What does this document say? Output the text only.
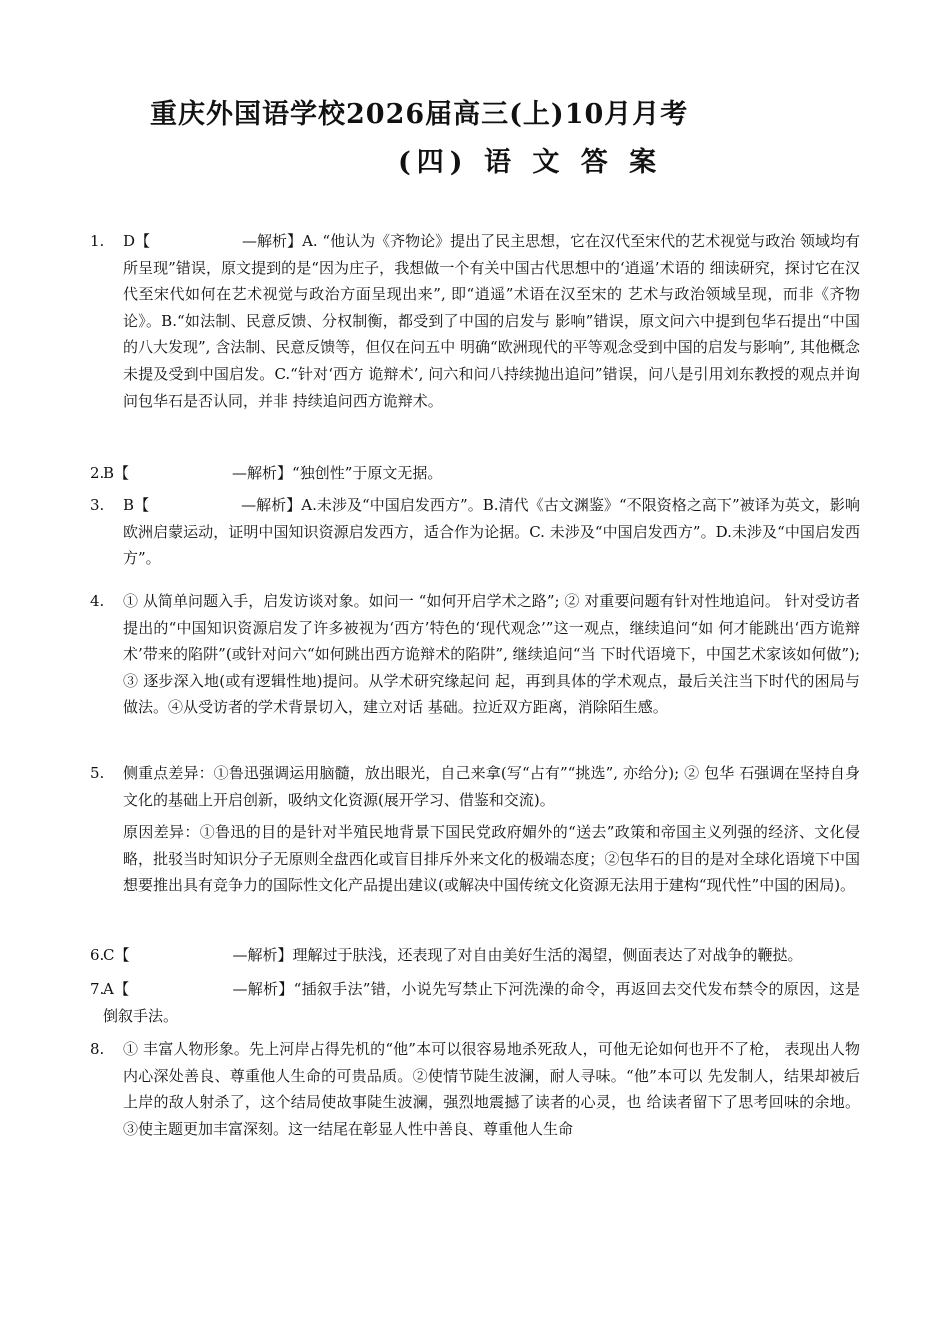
重庆外国语学校2026届高三(上)10月月考
(四) 语 文 答 案
1. D【	—解析】A. “他认为《齐物论》提出了民主思想，它在汉代至宋代的艺术视觉与政治 领域均有所呈现”错误，原文提到的是“因为庄子，我想做一个有关中国古代思想中的‘逍遥’术语的 细读研究，探讨它在汉代至宋代如何在艺术视觉与政治方面呈现出来”, 即“逍遥”术语在汉至宋的 艺术与政治领域呈现，而非《齐物论》。B.“如法制、民意反馈、分权制衡，都受到了中国的启发与 影响”错误，原文问六中提到包华石提出“中国的八大发现”, 含法制、民意反馈等，但仅在问五中 明确“欧洲现代的平等观念受到中国的启发与影响”, 其他概念未提及受到中国启发。C.“针对‘西方 诡辩术’, 问六和问八持续抛出追问”错误，问八是引用刘东教授的观点并询问包华石是否认同，并非 持续追问西方诡辩术。
2.
B【	—解析】“独创性”于原文无据。
3. B【	—解析】A.未涉及“中国启发西方”。B.清代《古文渊鉴》“不限资格之高下”被译为英文，影响欧洲启蒙运动，证明中国知识资源启发西方，适合作为论据。C. 未涉及“中国启发西方”。D.未涉及“中国启发西方”。
4. ① 从简单问题入手，启发访谈对象。如问一 “如何开启学术之路”; ② 对重要问题有针对性地追问。 针对受访者提出的“中国知识资源启发了许多被视为‘西方’特色的‘现代观念’”这一观点，继续追问“如 何才能跳出‘西方诡辩术’带来的陷阱”(或针对问六“如何跳出西方诡辩术的陷阱”, 继续追问“当 下时代语境下，中国艺术家该如何做”); ③ 逐步深入地(或有逻辑性地)提问。从学术研究缘起问 起，再到具体的学术观点，最后关注当下时代的困局与做法。④从受访者的学术背景切入，建立对话 基础。拉近双方距离，消除陌生感。
5. 侧重点差异：①鲁迅强调运用脑髓，放出眼光，自己来拿(写“占有”“挑选”, 亦给分); ② 包华 石强调在坚持自身文化的基础上开启创新，吸纳文化资源(展开学习、借鉴和交流)。
原因差异：①鲁迅的目的是针对半殖民地背景下国民党政府媚外的“送去”政策和帝国主义列强的经济、文化侵略，批驳当时知识分子无原则全盘西化或盲目排斥外来文化的极端态度；②包华石的目的是对全球化语境下中国想要推出具有竞争力的国际性文化产品提出建议(或解决中国传统文化资源无法用于建构“现代性”中国的困局)。
6.
C【	—解析】理解过于肤浅，还表现了对自由美好生活的渴望，侧面表达了对战争的鞭挞。
7.
A【	—解析】“插叙手法”错，小说先写禁止下河洗澡的命令，再返回去交代发布禁令的原因，这是倒叙手法。
8. ① 丰富人物形象。先上河岸占得先机的“他”本可以很容易地杀死敌人，可他无论如何也开不了枪， 表现出人物内心深处善良、尊重他人生命的可贵品质。②使情节陡生波澜，耐人寻味。“他”本可以 先发制人，结果却被后上岸的敌人射杀了，这个结局使故事陡生波澜，强烈地震撼了读者的心灵，也 给读者留下了思考回味的余地。③使主题更加丰富深刻。这一结尾在彰显人性中善良、尊重他人生命
